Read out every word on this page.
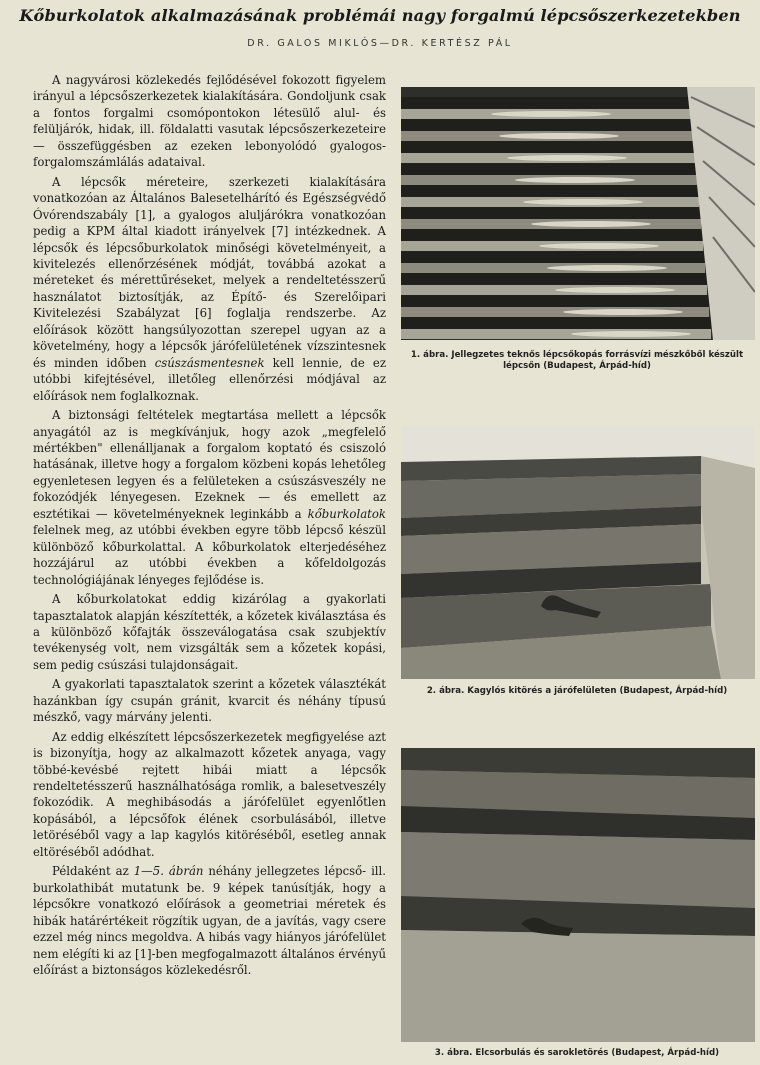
Kőburkolatok alkalmazásának problémái nagy forgalmú lépcsőszerkezetekben
DR. GALOS MIKLÓS—DR. KERTÉSZ PÁL

A nagyvárosi közlekedés fejlődésével fokozott figyelem irányul a lépcsőszerkezetek kialakítására. Gondoljunk csak a fontos forgalmi csomópontokon létesülő alul- és felüljárók, hidak, ill. földalatti vasutak lépcsőszerkezeteire — összefüggésben az ezeken lebonyolódó gyalogos-forgalomszámlálás adataival.

A lépcsők méreteire, szerkezeti kialakítására vonatkozóan az Általános Balesetelhárító és Egészségvédő Óvórendszabály [1], a gyalogos aluljárókra vonatkozóan pedig a KPM által kiadott irányelvek [7] intézkednek. A lépcsők és lépcsőburkolatok minőségi követelményeit, a kivitelezés ellenőrzésének módját, továbbá azokat a méreteket és mérettűréseket, melyek a rendeltetésszerű használatot biztosítják, az Építő- és Szerelőipari Kivitelezési Szabályzat [6] foglalja rendszerbe. Az előírások között hangsúlyozottan szerepel ugyan az a követelmény, hogy a lépcsők járófelületének vízszintesnek és minden időben csúszásmentesnek kell lennie, de ez utóbbi kifejtésével, illetőleg ellenőrzési módjával az előírások nem foglalkoznak.

A biztonsági feltételek megtartása mellett a lépcsők anyagától az is megkívánjuk, hogy azok „megfelelő mértékben" ellenálljanak a forgalom koptató és csiszoló hatásának, illetve hogy a forgalom közbeni kopás lehetőleg egyenletesen legyen és a felületeken a csúszásveszély ne fokozódjék lényegesen. Ezeknek — és emellett az esztétikai — követelményeknek leginkább a kőburkolatok felelnek meg, az utóbbi években egyre több lépcső készül különböző kőburkolattal. A kőburkolatok elterjedéséhez hozzájárul az utóbbi években a kőfeldolgozás technológiájának lényeges fejlődése is.

A kőburkolatokat eddig kizárólag a gyakorlati tapasztalatok alapján készítették, a kőzetek kiválasztása és a különböző kőfajták összeválogatása csak szubjektív tevékenység volt, nem vizsgálták sem a kőzetek kopási, sem pedig csúszási tulajdonságait.

A gyakorlati tapasztalatok szerint a kőzetek választékát hazánkban így csupán gránit, kvarcit és néhány típusú mészkő, vagy márvány jelenti.

Az eddig elkészített lépcsőszerkezetek megfigyelése azt is bizonyítja, hogy az alkalmazott kőzetek anyaga, vagy többé-kevésbé rejtett hibái miatt a lépcsők rendeltetésszerű használhatósága romlik, a balesetveszély fokozódik. A meghibásodás a járófelület egyenlőtlen kopásából, a lépcsőfok élének csorbulásából, illetve letöréséből vagy a lap kagylós kitöréséből, esetleg annak eltöréséből adódhat.

Példaként az 1—5. ábrán néhány jellegzetes lépcső- ill. burkolathibát mutatunk be. 9 képek tanúsítják, hogy a lépcsőkre vonatkozó előírások a geometriai méretek és hibák határértékeit rögzítik ugyan, de a javítás, vagy csere ezzel még nincs megoldva. A hibás vagy hiányos járófelület nem elégíti ki az [1]-ben megfogalmazott általános érvényű előírást a biztonságos közlekedésről.

1. ábra. Jellegzetes teknős lépcsőkopás forrásvízi mészkőből készült lépcsőn (Budapest, Árpád-híd)
2. ábra. Kagylós kitörés a járófelületen (Budapest, Árpád-híd)
3. ábra. Elcsorbulás és sarokletörés (Budapest, Árpád-híd)
